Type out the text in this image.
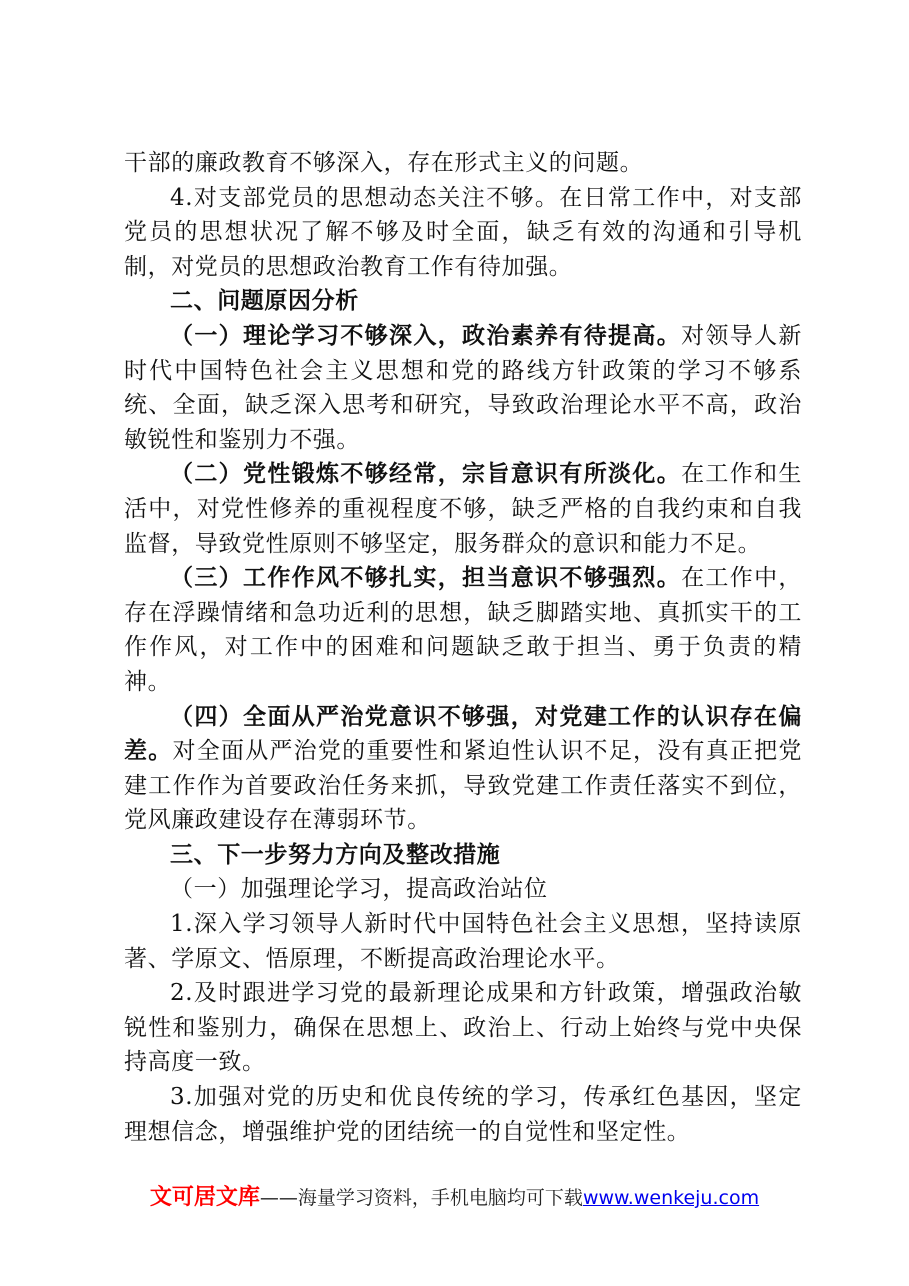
干部的廉政教育不够深入，存在形式主义的问题。

4.对支部党员的思想动态关注不够。在日常工作中，对支部党员的思想状况了解不够及时全面，缺乏有效的沟通和引导机制，对党员的思想政治教育工作有待加强。

二、问题原因分析

（一）理论学习不够深入，政治素养有待提高。对领导人新时代中国特色社会主义思想和党的路线方针政策的学习不够系统、全面，缺乏深入思考和研究，导致政治理论水平不高，政治敏锐性和鉴别力不强。

（二）党性锻炼不够经常，宗旨意识有所淡化。在工作和生活中，对党性修养的重视程度不够，缺乏严格的自我约束和自我监督，导致党性原则不够坚定，服务群众的意识和能力不足。

（三）工作作风不够扎实，担当意识不够强烈。在工作中，存在浮躁情绪和急功近利的思想，缺乏脚踏实地、真抓实干的工作作风，对工作中的困难和问题缺乏敢于担当、勇于负责的精神。

（四）全面从严治党意识不够强，对党建工作的认识存在偏差。对全面从严治党的重要性和紧迫性认识不足，没有真正把党建工作作为首要政治任务来抓，导致党建工作责任落实不到位，党风廉政建设存在薄弱环节。

三、下一步努力方向及整改措施

（一）加强理论学习，提高政治站位

1.深入学习领导人新时代中国特色社会主义思想，坚持读原著、学原文、悟原理，不断提高政治理论水平。

2.及时跟进学习党的最新理论成果和方针政策，增强政治敏锐性和鉴别力，确保在思想上、政治上、行动上始终与党中央保持高度一致。

3.加强对党的历史和优良传统的学习，传承红色基因，坚定理想信念，增强维护党的团结统一的自觉性和坚定性。

文可居文库——海量学习资料，手机电脑均可下载www.wenkeju.com
